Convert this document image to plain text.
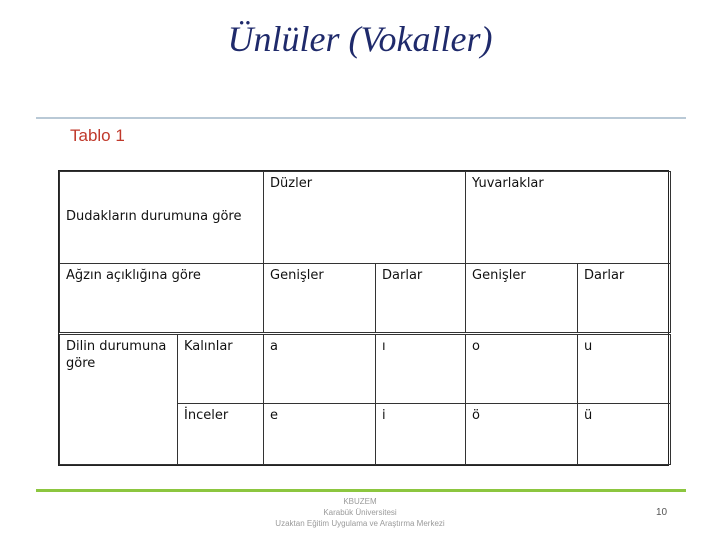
Ünlüler (Vokaller)
Tablo 1
Dudakların durumuna göre		Düzler		Yuvarlaklar	
Ağzın açıklığına göre		Genişler	Darlar	Genişler	Darlar
Dilin durumuna göre	Kalınlar	a	ı	o	u
	İnceler	e	i	ö	ü
KBUZEM
Karabük Üniversitesi
Uzaktan Eğitim Uygulama ve Araştırma Merkezi
10
